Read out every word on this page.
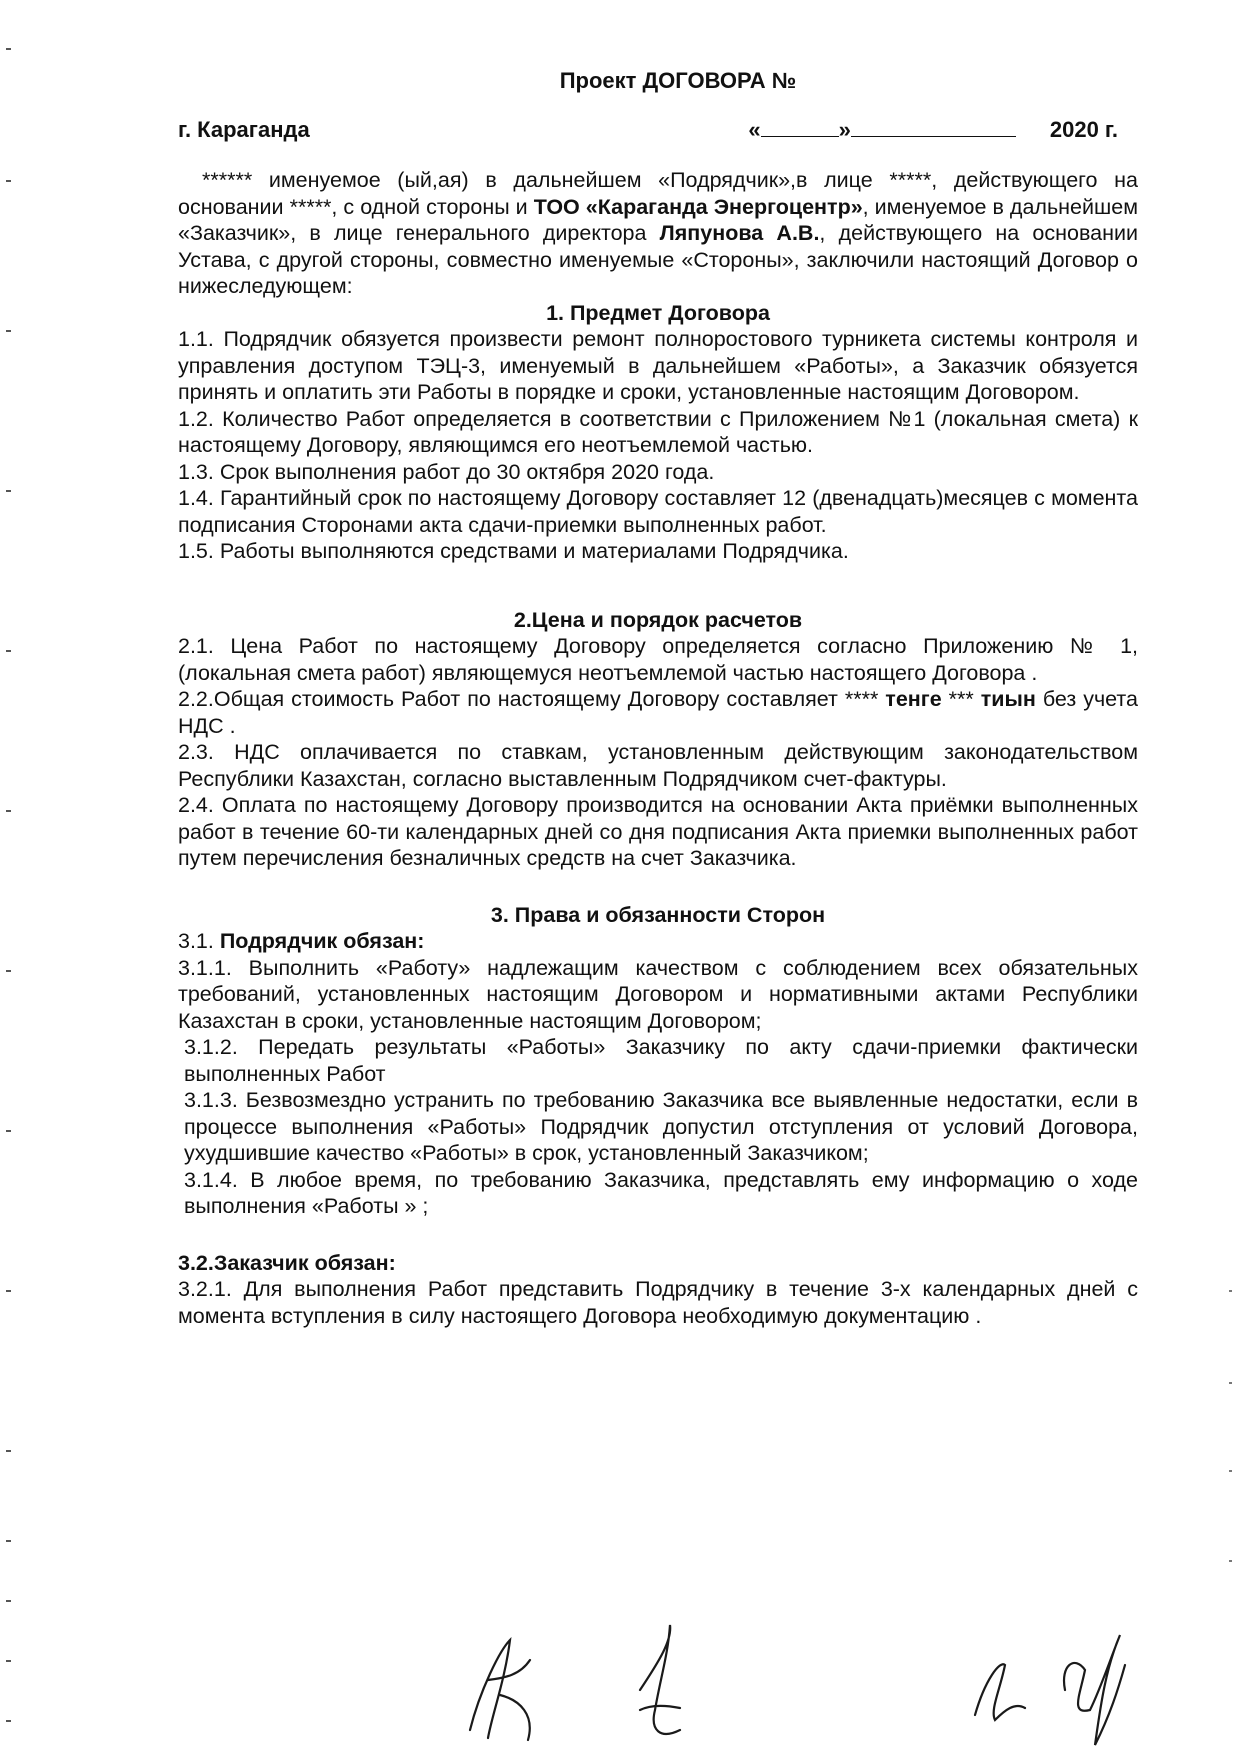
Проект ДОГОВОРА №
г. Караганда	«	»	2020 г.

****** именуемое (ый,ая) в дальнейшем «Подрядчик»,в лице *****, действующего на основании *****, с одной стороны и ТОО «Караганда Энергоцентр», именуемое в дальнейшем «Заказчик», в лице генерального директора Ляпунова А.В., действующего на основании Устава, с другой стороны, совместно именуемые «Стороны», заключили настоящий Договор о нижеследующем:

1. Предмет Договора

1.1. Подрядчик обязуется произвести ремонт полноростового турникета системы контроля и управления доступом ТЭЦ-3, именуемый в дальнейшем «Работы», а Заказчик обязуется принять и оплатить эти Работы в порядке и сроки, установленные настоящим Договором.

1.2. Количество Работ определяется в соответствии с Приложением №1 (локальная смета) к настоящему Договору, являющимся его неотъемлемой частью.

1.3. Срок выполнения работ до 30 октября 2020 года.

1.4. Гарантийный срок по настоящему Договору составляет 12 (двенадцать)месяцев с момента подписания Сторонами акта сдачи-приемки выполненных работ.

1.5. Работы выполняются средствами и материалами Подрядчика.

2.Цена и порядок расчетов

2.1. Цена Работ по настоящему Договору определяется согласно Приложению № 1, (локальная смета работ) являющемуся неотъемлемой частью настоящего Договора .

2.2.Общая стоимость Работ по настоящему Договору составляет **** тенге *** тиын без учета НДС .

2.3. НДС оплачивается по ставкам, установленным действующим законодательством Республики Казахстан, согласно выставленным Подрядчиком счет-фактуры.

2.4. Оплата по настоящему Договору производится на основании Акта приёмки выполненных работ в течение 60-ти календарных дней со дня подписания Акта приемки выполненных работ путем перечисления безналичных средств на счет Заказчика.

3. Права и обязанности Сторон

3.1. Подрядчик обязан:

3.1.1. Выполнить «Работу» надлежащим качеством с соблюдением всех обязательных требований, установленных настоящим Договором и нормативными актами Республики Казахстан в сроки, установленные настоящим Договором;

3.1.2. Передать результаты «Работы» Заказчику по акту сдачи-приемки фактически выполненных Работ

3.1.3. Безвозмездно устранить по требованию Заказчика все выявленные недостатки, если в процессе выполнения «Работы» Подрядчик допустил отступления от условий Договора, ухудшившие качество «Работы» в срок, установленный Заказчиком;

3.1.4. В любое время, по требованию Заказчика, представлять ему информацию о ходе выполнения «Работы » ;

3.2.Заказчик обязан:

3.2.1. Для выполнения Работ представить Подрядчику в течение 3-х календарных дней с момента вступления в силу настоящего Договора необходимую документацию .
